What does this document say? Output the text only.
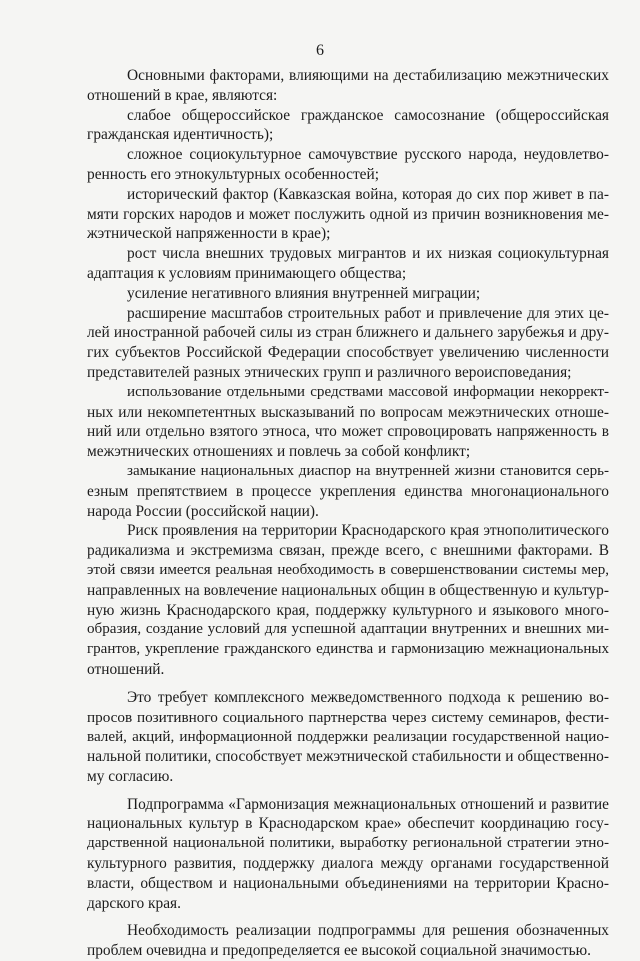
6
Основными факторами, влияющими на дестабилизацию межэтнических
отношений в крае, являются:
слабое общероссийское гражданское самосознание (общероссийская
гражданская идентичность);
сложное социокультурное самочувствие русского народа, неудовлетво-
ренность его этнокультурных особенностей;
исторический фактор (Кавказская война, которая до сих пор живет в па-
мяти горских народов и может послужить одной из причин возникновения ме-
жэтнической напряженности в крае);
рост числа внешних трудовых мигрантов и их низкая социокультурная
адаптация к условиям принимающего общества;
усиление негативного влияния внутренней миграции;
расширение масштабов строительных работ и привлечение для этих це-
лей иностранной рабочей силы из стран ближнего и дальнего зарубежья и дру-
гих субъектов Российской Федерации способствует увеличению численности
представителей разных этнических групп и различного вероисповедания;
использование отдельными средствами массовой информации некоррект-
ных или некомпетентных высказываний по вопросам межэтнических отноше-
ний или отдельно взятого этноса, что может спровоцировать напряженность в
межэтнических отношениях и повлечь за собой конфликт;
замыкание национальных диаспор на внутренней жизни становится серь-
езным препятствием в процессе укрепления единства многонационального
народа России (российской нации).
Риск проявления на территории Краснодарского края этнополитического
радикализма и экстремизма связан, прежде всего, с внешними факторами. В
этой связи имеется реальная необходимость в совершенствовании системы мер,
направленных на вовлечение национальных общин в общественную и культур-
ную жизнь Краснодарского края, поддержку культурного и языкового много-
образия, создание условий для успешной адаптации внутренних и внешних ми-
грантов, укрепление гражданского единства и гармонизацию межнациональных
отношений.
Это требует комплексного межведомственного подхода к решению во-
просов позитивного социального партнерства через систему семинаров, фести-
валей, акций, информационной поддержки реализации государственной нацио-
нальной политики, способствует межэтнической стабильности и общественно-
му согласию.
Подпрограмма «Гармонизация межнациональных отношений и развитие
национальных культур в Краснодарском крае» обеспечит координацию госу-
дарственной национальной политики, выработку региональной стратегии этно-
культурного развития, поддержку диалога между органами государственной
власти, обществом и национальными объединениями на территории Красно-
дарского края.
Необходимость реализации подпрограммы для решения обозначенных
проблем очевидна и предопределяется ее высокой социальной значимостью.
